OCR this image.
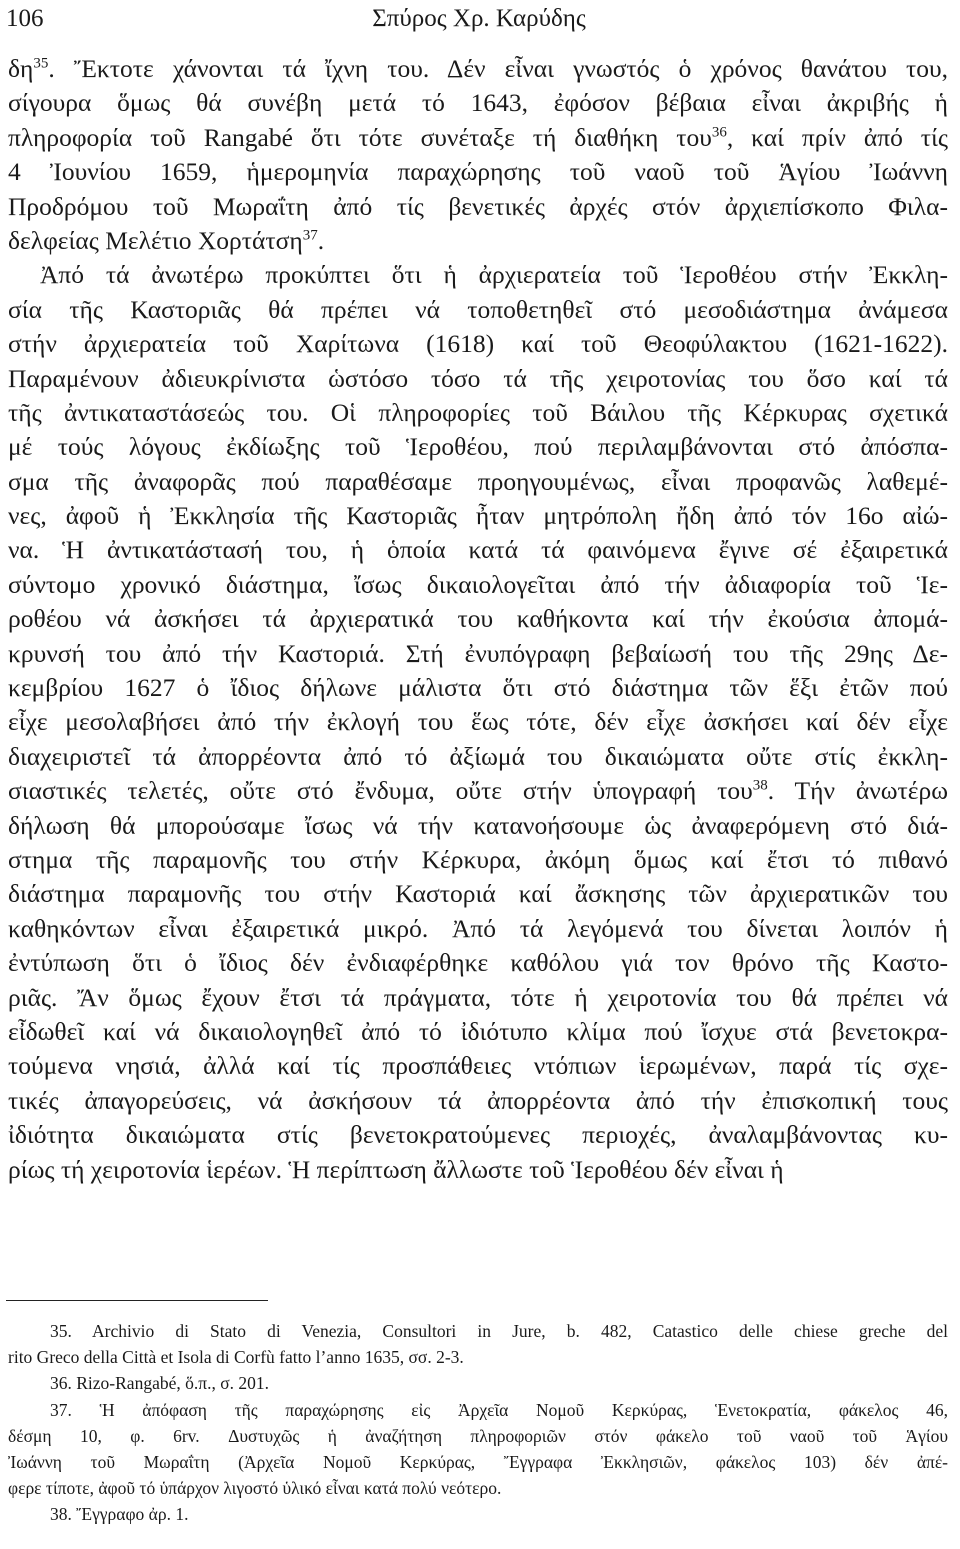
106	Σπύρος Χρ. Καρύδης
$\delta\eta^{35}$. Ἔκτοτε χάνονται τά ἴχνη του. Δέν εἶναι γνωστός ὁ χρόνος θανάτου του,
σίγουρα ὅμως θά συνέβη μετά τό 1643, ἐφόσον βέβαια εἶναι ἀκριβής ἡ
πληροφορία τοῦ Rangabé ὅτι τότε συνέταξε τή διαθήκη του$^{36}$, καί πρίν ἀπό τίς
4 Ἰουνίου 1659, ἡμερομηνία παραχώρησης τοῦ ναοῦ τοῦ Ἁγίου Ἰωάννη
Προδρόμου τοῦ Μωραΐτη ἀπό τίς βενετικές ἀρχές στόν ἀρχιεπίσκοπο Φιλα-
δελφείας Μελέτιο Χορτάτση$^{37}$.
Ἀπό τά ἀνωτέρω προκύπτει ὅτι ἡ ἀρχιερατεία τοῦ Ἱεροθέου στήν Ἐκκλη-
σία τῆς Καστοριᾶς θά πρέπει νά τοποθετηθεῖ στό μεσοδιάστημα ἀνάμεσα
στήν ἀρχιερατεία τοῦ Χαρίτωνα (1618) καί τοῦ Θεοφύλακτου (1621-1622).
Παραμένουν ἀδιευκρίνιστα ὡστόσο τόσο τά τῆς χειροτονίας του ὅσο καί τά
τῆς ἀντικαταστάσεώς του. Οἱ πληροφορίες τοῦ Βάιλου τῆς Κέρκυρας σχετικά
μέ τούς λόγους ἐκδίωξης τοῦ Ἱεροθέου, πού περιλαμβάνονται στό ἀπόσπα-
σμα τῆς ἀναφορᾶς πού παραθέσαμε προηγουμένως, εἶναι προφανῶς λαθεμέ-
νες, ἀφοῦ ἡ Ἐκκλησία τῆς Καστοριᾶς ἦταν μητρόπολη ἤδη ἀπό τόν 16ο αἰώ-
να. Ἡ ἀντικατάστασή του, ἡ ὁποία κατά τά φαινόμενα ἔγινε σέ ἐξαιρετικά
σύντομο χρονικό διάστημα, ἴσως δικαιολογεῖται ἀπό τήν ἀδιαφορία τοῦ Ἱε-
ροθέου νά ἀσκήσει τά ἀρχιερατικά του καθήκοντα καί τήν ἐκούσια ἀπομά-
κρυνσή του ἀπό τήν Καστοριά. Στή ἐνυπόγραφη βεβαίωσή του τῆς 29ης Δε-
κεμβρίου 1627 ὁ ἴδιος δήλωνε μάλιστα ὅτι στό διάστημα τῶν ἕξι ἐτῶν πού
εἶχε μεσολαβήσει ἀπό τήν ἐκλογή του ἕως τότε, δέν εἶχε ἀσκήσει καί δέν εἶχε
διαχειριστεῖ τά ἀπορρέοντα ἀπό τό ἀξίωμά του δικαιώματα οὔτε στίς ἐκκλη-
σιαστικές τελετές, οὔτε στό ἔνδυμα, οὔτε στήν ὑπογραφή του$^{38}$. Τήν ἀνωτέρω
δήλωση θά μπορούσαμε ἴσως νά τήν κατανοήσουμε ὡς ἀναφερόμενη στό διά-
στημα τῆς παραμονῆς του στήν Κέρκυρα, ἀκόμη ὅμως καί ἔτσι τό πιθανό
διάστημα παραμονῆς του στήν Καστοριά καί ἄσκησης τῶν ἀρχιερατικῶν του
καθηκόντων εἶναι ἐξαιρετικά μικρό. Ἀπό τά λεγόμενά του δίνεται λοιπόν ἡ
ἐντύπωση ὅτι ὁ ἴδιος δέν ἐνδιαφέρθηκε καθόλου γιά τον θρόνο τῆς Καστο-
ριᾶς. Ἄν ὅμως ἔχουν ἔτσι τά πράγματα, τότε ἡ χειροτονία του θά πρέπει νά
εἶδωθεῖ καί νά δικαιολογηθεῖ ἀπό τό ἰδιότυπο κλίμα πού ἴσχυε στά βενετοκρα-
τούμενα νησιά, ἀλλά καί τίς προσπάθειες ντόπιων ἱερωμένων, παρά τίς σχε-
τικές ἀπαγορεύσεις, νά ἀσκήσουν τά ἀπορρέοντα ἀπό τήν ἐπισκοπική τους
ἰδιότητα δικαιώματα στίς βενετοκρατούμενες περιοχές, ἀναλαμβάνοντας κυ-
ρίως τή χειροτονία ἱερέων. Ἡ περίπτωση ἄλλωστε τοῦ Ἱεροθέου δέν εἶναι ἡ
35. Archivio di Stato di Venezia, Consultori in Jure, b. 482, Catastico delle chiese greche del
rito Greco della Città et Isola di Corfù fatto l’anno 1635, σσ. 2-3.
36. Rizo-Rangabé, ὅ.π., σ. 201.
37. Ἡ ἀπόφαση τῆς παραχώρησης εἰς Ἀρχεῖα Νομοῦ Κερκύρας, Ἑνετοκρατία, φάκελος 46,
δέσμη 10, φ. 6rv. Δυστυχῶς ἡ ἀναζήτηση πληροφοριῶν στόν φάκελο τοῦ ναοῦ τοῦ Ἁγίου
Ἰωάννη τοῦ Μωραΐτη (Ἀρχεῖα Νομοῦ Κερκύρας, Ἔγγραφα Ἐκκλησιῶν, φάκελος 103) δέν ἀπέ-
φερε τίποτε, ἀφοῦ τό ὑπάρχον λιγοστό ὑλικό εἶναι κατά πολύ νεότερο.
38. Ἔγγραφο ἀρ. 1.
